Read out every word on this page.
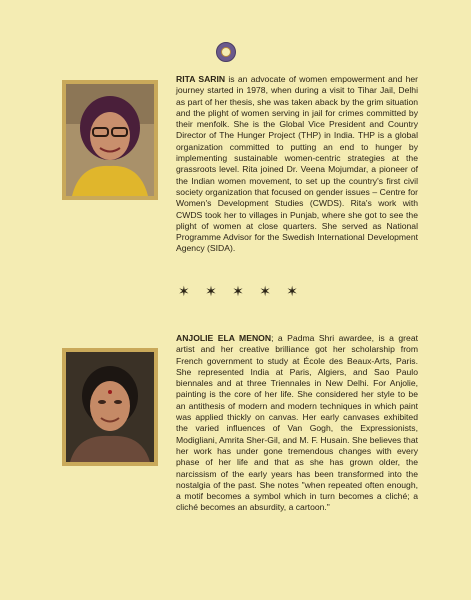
RITA SARIN is an advocate of women empowerment and her journey started in 1978, when during a visit to Tihar Jail, Delhi as part of her thesis, she was taken aback by the grim situation and the plight of women serving in jail for crimes committed by their menfolk. She is the Global Vice President and Country Director of The Hunger Project (THP) in India. THP is a global organization committed to putting an end to hunger by implementing sustainable women-centric strategies at the grassroots level. Rita joined Dr. Veena Mojumdar, a pioneer of the Indian women movement, to set up the country's first civil society organization that focused on gender issues – Centre for Women's Development Studies (CWDS). Rita's work with CWDS took her to villages in Punjab, where she got to see the plight of women at close quarters. She served as National Programme Advisor for the Swedish International Development Agency (SIDA).

✶ ✶ ✶ ✶ ✶

ANJOLIE ELA MENON; a Padma Shri awardee, is a great artist and her creative brilliance got her scholarship from French government to study at École des Beaux-Arts, Paris. She represented India at Paris, Algiers, and Sao Paulo biennales and at three Triennales in New Delhi. For Anjolie, painting is the core of her life. She considered her style to be an antithesis of modern and modern techniques in which paint was applied thickly on canvas. Her early canvases exhibited the varied influences of Van Gogh, the Expressionists, Modigliani, Amrita Sher-Gil, and M. F. Husain. She believes that her work has under gone tremendous changes with every phase of her life and that as she has grown older, the narcissism of the early years has been transformed into the nostalgia of the past. She notes "when repeated often enough, a motif becomes a symbol which in turn becomes a cliché; a cliché becomes an absurdity, a cartoon."
